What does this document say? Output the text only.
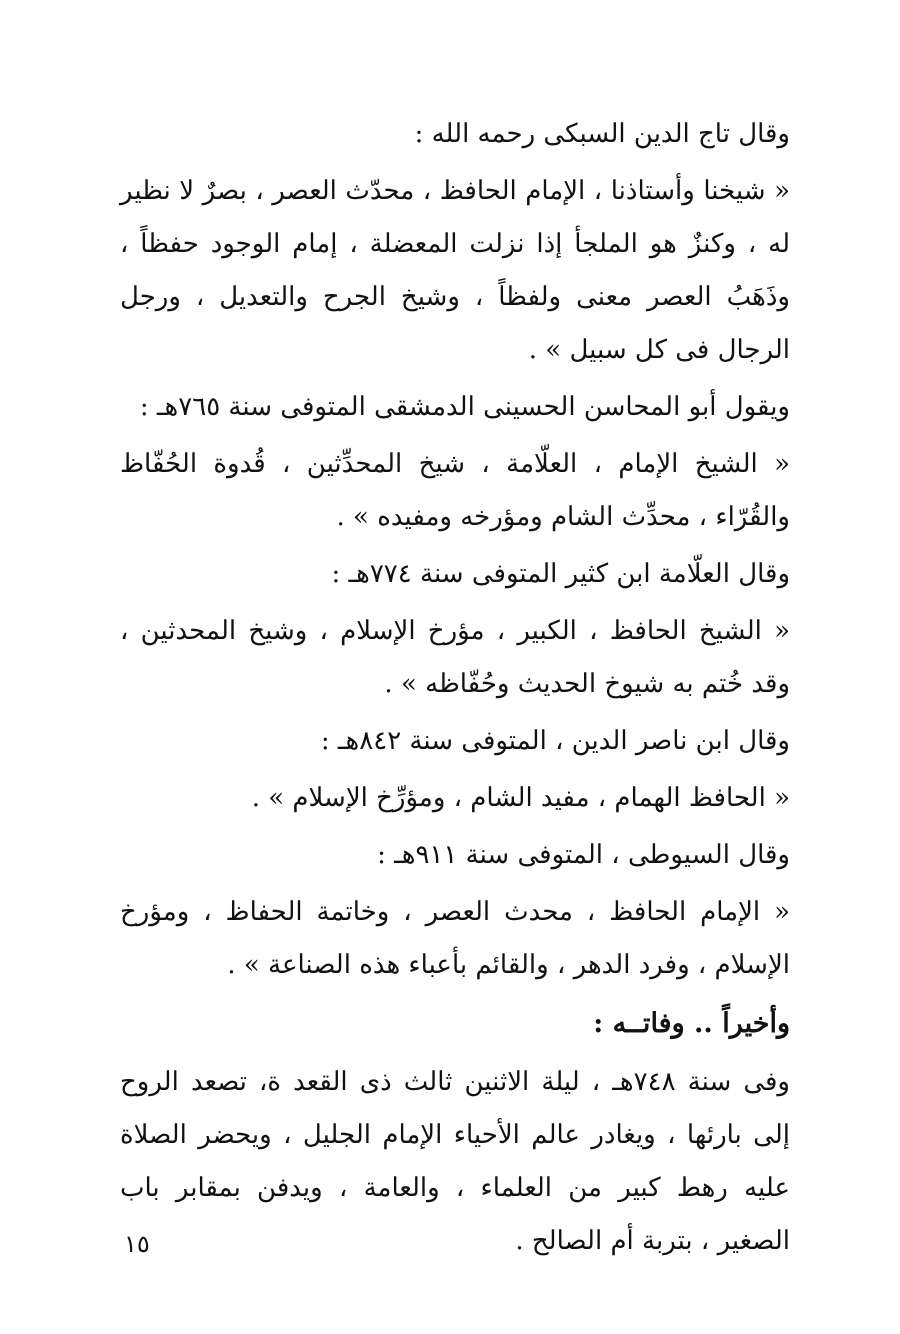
وقال تاج الدين السبكى رحمه الله :

« شيخنا وأستاذنا ، الإمام الحافظ ، محدّث العصر ، بصرٌ لا نظير له ، وكنزٌ هو الملجأ إذا نزلت المعضلة ، إمام الوجود حفظاً ، وذَهَبُ العصر معنى ولفظاً ، وشيخ الجرح والتعديل ، ورجل الرجال فى كل سبيل » .

ويقول أبو المحاسن الحسينى الدمشقى المتوفى سنة ٧٦٥هـ :

« الشيخ الإمام ، العلّامة ، شيخ المحدِّثين ، قُدوة الحُفّاظ والقُرّاء ، محدِّث الشام ومؤرخه ومفيده » .

وقال العلّامة ابن كثير المتوفى سنة ٧٧٤هـ :

« الشيخ الحافظ ، الكبير ، مؤرخ الإسلام ، وشيخ المحدثين ، وقد خُتم به شيوخ الحديث وحُفّاظه » .

وقال ابن ناصر الدين ، المتوفى سنة ٨٤٢هـ :

« الحافظ الهمام ، مفيد الشام ، ومؤرِّخ الإسلام » .

وقال السيوطى ، المتوفى سنة ٩١١هـ :

« الإمام الحافظ ، محدث العصر ، وخاتمة الحفاظ ، ومؤرخ الإسلام ، وفرد الدهر ، والقائم بأعباء هذه الصناعة » .

وأخيراً .. وفاتــه :

وفى سنة ٧٤٨هـ ، ليلة الاثنين ثالث ذى القعد ة، تصعد الروح إلى بارئها ، ويغادر عالم الأحياء الإمام الجليل ، ويحضر الصلاة عليه رهط كبير من العلماء ، والعامة ، ويدفن بمقابر باب الصغير ، بتربة أم الصالح .

١٥
